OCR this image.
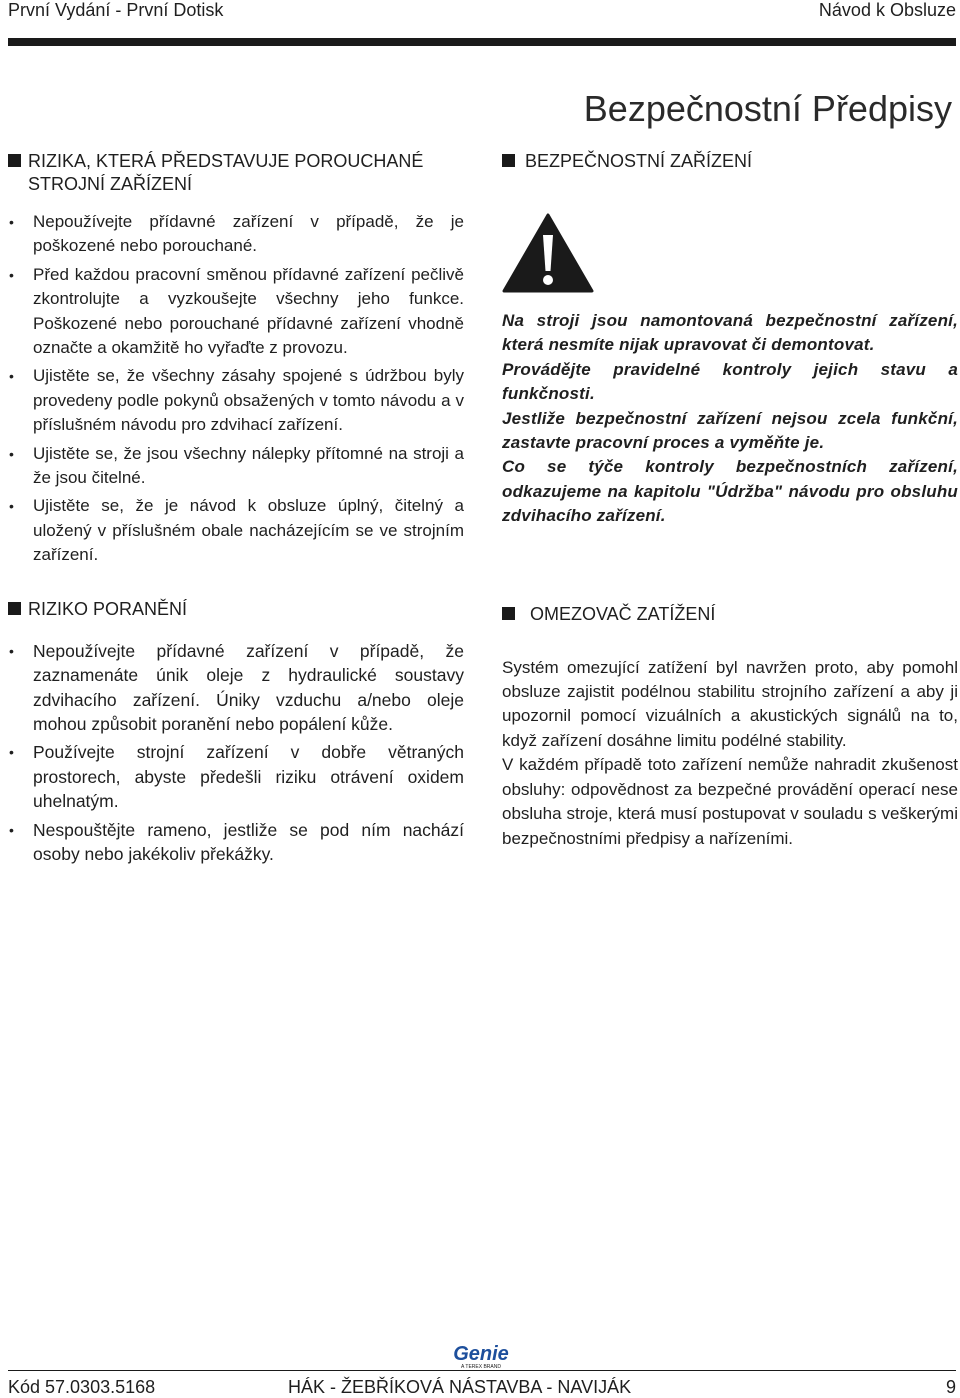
První Vydání - První Dotisk	Návod k Obsluze
Bezpečnostní Předpisy
RIZIKA, KTERÁ PŘEDSTAVUJE POROUCHANÉ
STROJNÍ ZAŘÍZENÍ
• Nepoužívejte přídavné zařízení v případě, že je poškozené nebo porouchané.
• Před každou pracovní směnou přídavné zařízení pečlivě zkontrolujte a vyzkoušejte všechny jeho funkce. Poškozené nebo porouchané přídavné zařízení vhodně označte a okamžitě ho vyřaďte z provozu.
• Ujistěte se, že všechny zásahy spojené s údržbou byly provedeny podle pokynů obsažených v tomto návodu a v příslušném návodu pro zdvihací zařízení.
• Ujistěte se, že jsou všechny nálepky přítomné na stroji a že jsou čitelné.
• Ujistěte se, že je návod k obsluze úplný, čitelný a uložený v příslušném obale nacházejícím se ve strojním zařízení.
RIZIKO PORANĚNÍ
• Nepoužívejte přídavné zařízení v případě, že zaznamenáte únik oleje z hydraulické soustavy zdvihacího zařízení. Úniky vzduchu a/nebo oleje mohou způsobit poranění nebo popálení kůže.
• Používejte strojní zařízení v dobře větraných prostorech, abyste předešli riziku otrávení oxidem uhelnatým.
• Nespouštějte rameno, jestliže se pod ním nachází osoby nebo jakékoliv překážky.
BEZPEČNOSTNÍ ZAŘÍZENÍ

Na stroji jsou namontovaná bezpečnostní zařízení, která nesmíte nijak upravovat či demontovat.

Provádějte pravidelné kontroly jejich stavu a funkčnosti.

Jestliže bezpečnostní zařízení nejsou zcela funkční, zastavte pracovní proces a vyměňte je.

Co se týče kontroly bezpečnostních zařízení, odkazujeme na kapitolu "Údržba" návodu pro obsluhu zdvihacího zařízení.

OMEZOVAČ ZATÍŽENÍ

Systém omezující zatížení byl navržen proto, aby pomohl obsluze zajistit podélnou stabilitu strojního zařízení a aby ji upozornil pomocí vizuálních a akustických signálů na to, když zařízení dosáhne limitu podélné stability.

V každém případě toto zařízení nemůže nahradit zkušenost obsluhy: odpovědnost za bezpečné provádění operací nese obsluha stroje, která musí postupovat v souladu s veškerými bezpečnostními předpisy a nařízeními.

Genie
A TEREX BRAND
Kód 57.0303.5168	HÁK - ŽEBŘÍKOVÁ NÁSTAVBA - NAVIJÁK	9
